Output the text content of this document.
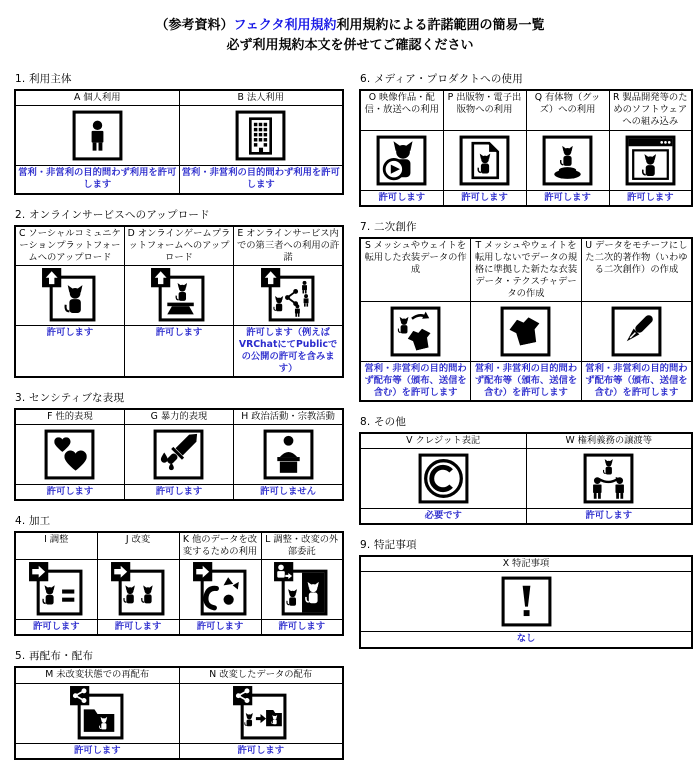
（参考資料）フェクタ利用規約利用規約による許諾範囲の簡易一覧
必ず利用規約本文を併せてご確認ください
1. 利用主体
A 個人利用	B 法人利用

営利・非営利の目的問わず利用を許可します	営利・非営利の目的問わず利用を許可します
2. オンラインサービスへのアップロード
C ソーシャルコミュニケーションプラットフォームへのアップロード	D オンラインゲームプラットフォームへのアップロード	E オンラインサービス内での第三者への利用の許諾

許可します	許可します	許可します（例えばVRChatにてPublicでの公開の許可を含みます）
3. センシティブな表現
F 性的表現	G 暴力的表現	H 政治活動・宗教活動

許可します	許可します	許可しません
4. 加工
I 調整	J 改変	K 他のデータを改変するための利用	L 調整・改変の外部委託

許可します	許可します	許可します	許可します
5. 再配布・配布
M 未改変状態での再配布	N 改変したデータの配布

許可します	許可します
6. メディア・プロダクトへの使用
O 映像作品・配信・放送への利用	P 出版物・電子出版物への利用	Q 有体物（グッズ）への利用	R 製品開発等のためのソフトウェアへの組み込み

許可します	許可します	許可します	許可します
7. 二次創作
S メッシュやウェイトを転用した衣装データの作成	T メッシュやウェイトを転用しないでデータの規格に準拠した新たな衣装データ・テクスチャデータの作成	U データをモチーフにした二次的著作物（いわゆる二次創作）の作成

営利・非営利の目的問わず配布等（頒布、送信を含む）を許可します	営利・非営利の目的問わず配布等（頒布、送信を含む）を許可します	営利・非営利の目的問わず配布等（頒布、送信を含む）を許可します
8. その他
V クレジット表記	W 権利義務の譲渡等

必要です	許可します
9. 特記事項
X 特記事項

なし
